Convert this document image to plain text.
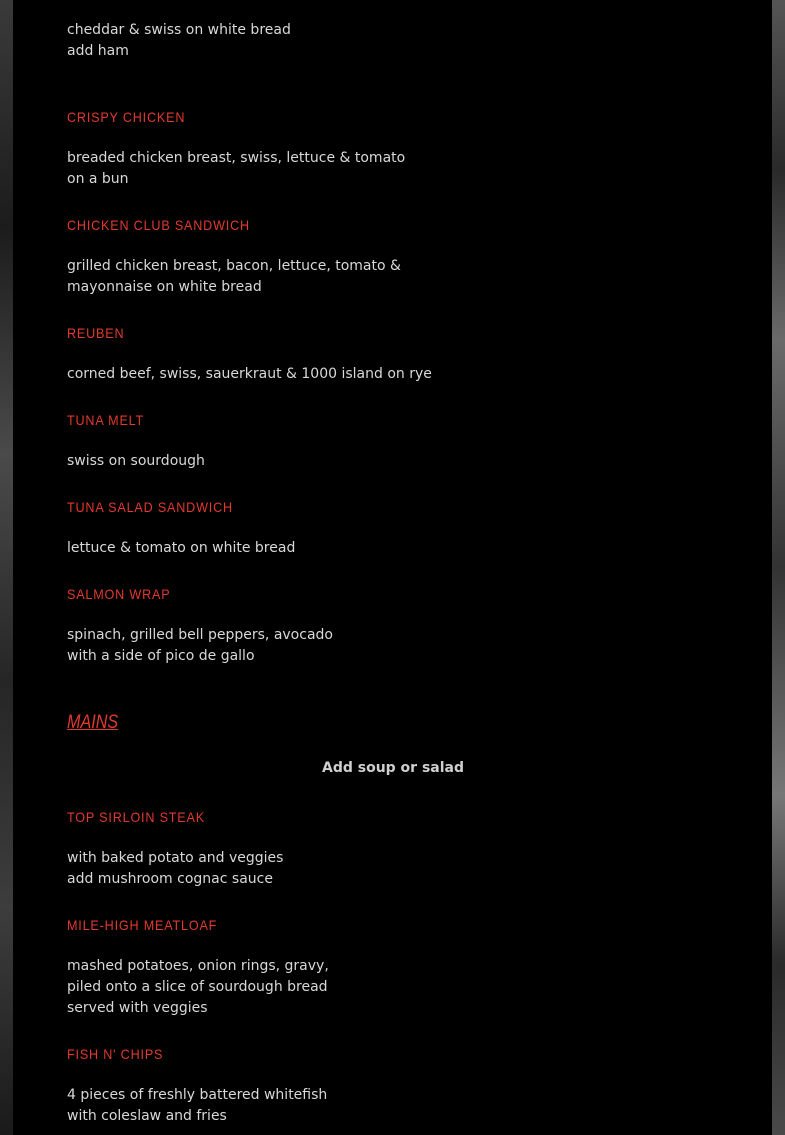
cheddar & swiss on white bread
add ham
CRISPY CHICKEN
breaded chicken breast, swiss, lettuce & tomato
on a bun
CHICKEN CLUB SANDWICH
grilled chicken breast, bacon, lettuce, tomato &
mayonnaise on white bread
REUBEN
corned beef, swiss, sauerkraut & 1000 island on rye
TUNA MELT
swiss on sourdough
TUNA SALAD SANDWICH
lettuce & tomato on white bread
SALMON WRAP
spinach, grilled bell peppers, avocado
with a side of pico de gallo
MAINS
Add soup or salad
TOP SIRLOIN STEAK
with baked potato and veggies
add mushroom cognac sauce
MILE-HIGH MEATLOAF
mashed potatoes, onion rings, gravy,
piled onto a slice of sourdough bread
served with veggies
FISH N' CHIPS
4 pieces of freshly battered whitefish
with coleslaw and fries
